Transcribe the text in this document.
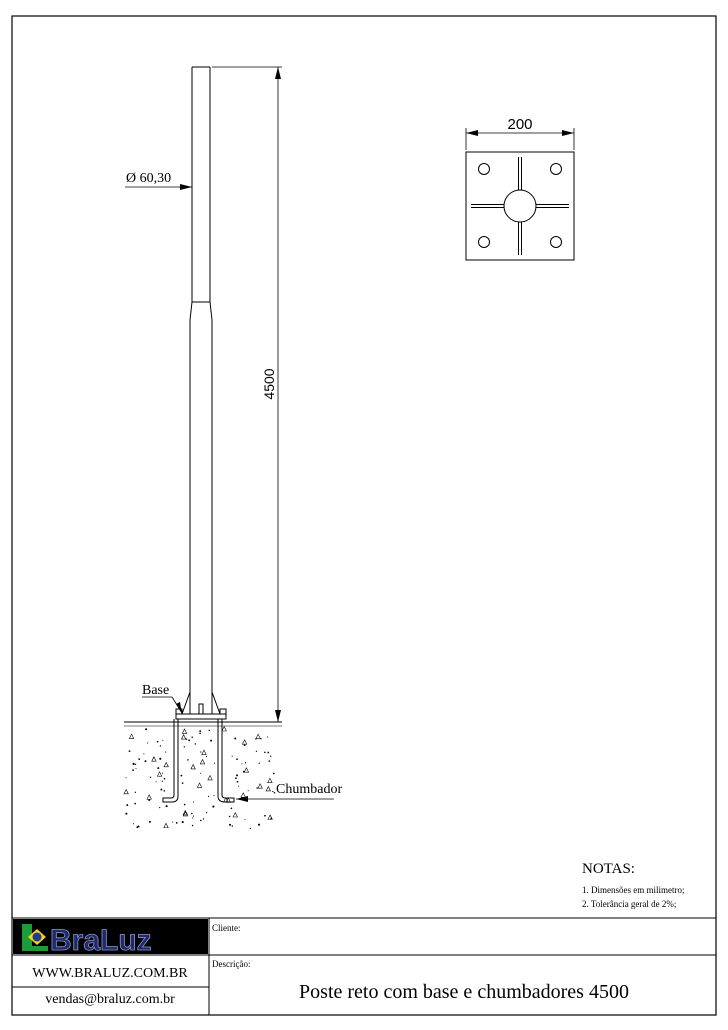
4500
Ø 60,30
Base
Chumbador
200
NOTAS:
1. Dimensões em milimetro;
2. Tolerância geral de 2%;
BraLuz
WWW.BRALUZ.COM.BR
vendas@braluz.com.br
Cliente:
Descrição:
Poste reto com base e chumbadores 4500
